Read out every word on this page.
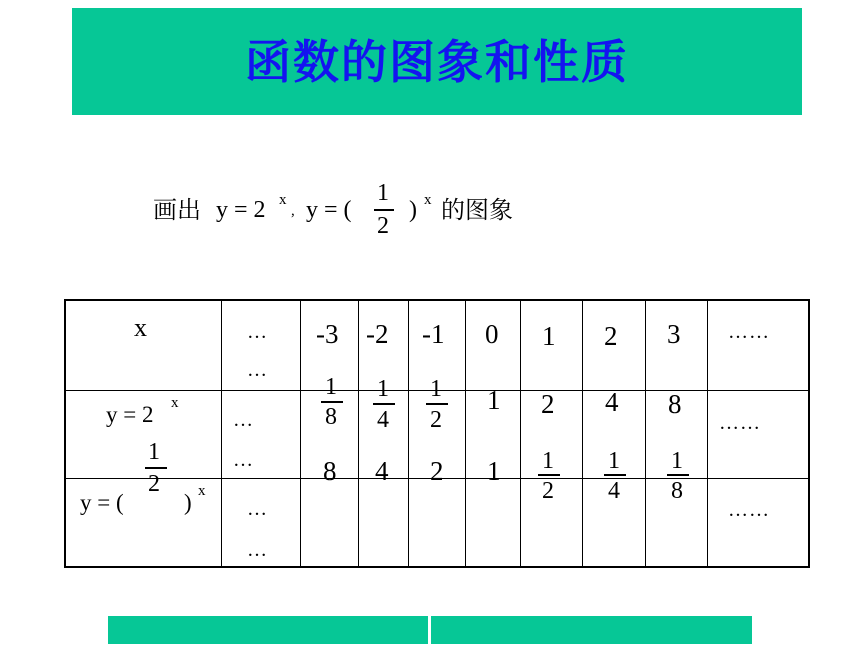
函数的图象和性质
画出 y = 2 x
, y = (
1
2
) x 的图象
x
y = 2 x
1
2
y = (	) x
…
…
…
…
…
…
……
……
……
-3 -2 -1 0 1 2 3
1
8
1
4
1
2
1 2 4 8
8 4 2 1 1
2
1
4
1
8
